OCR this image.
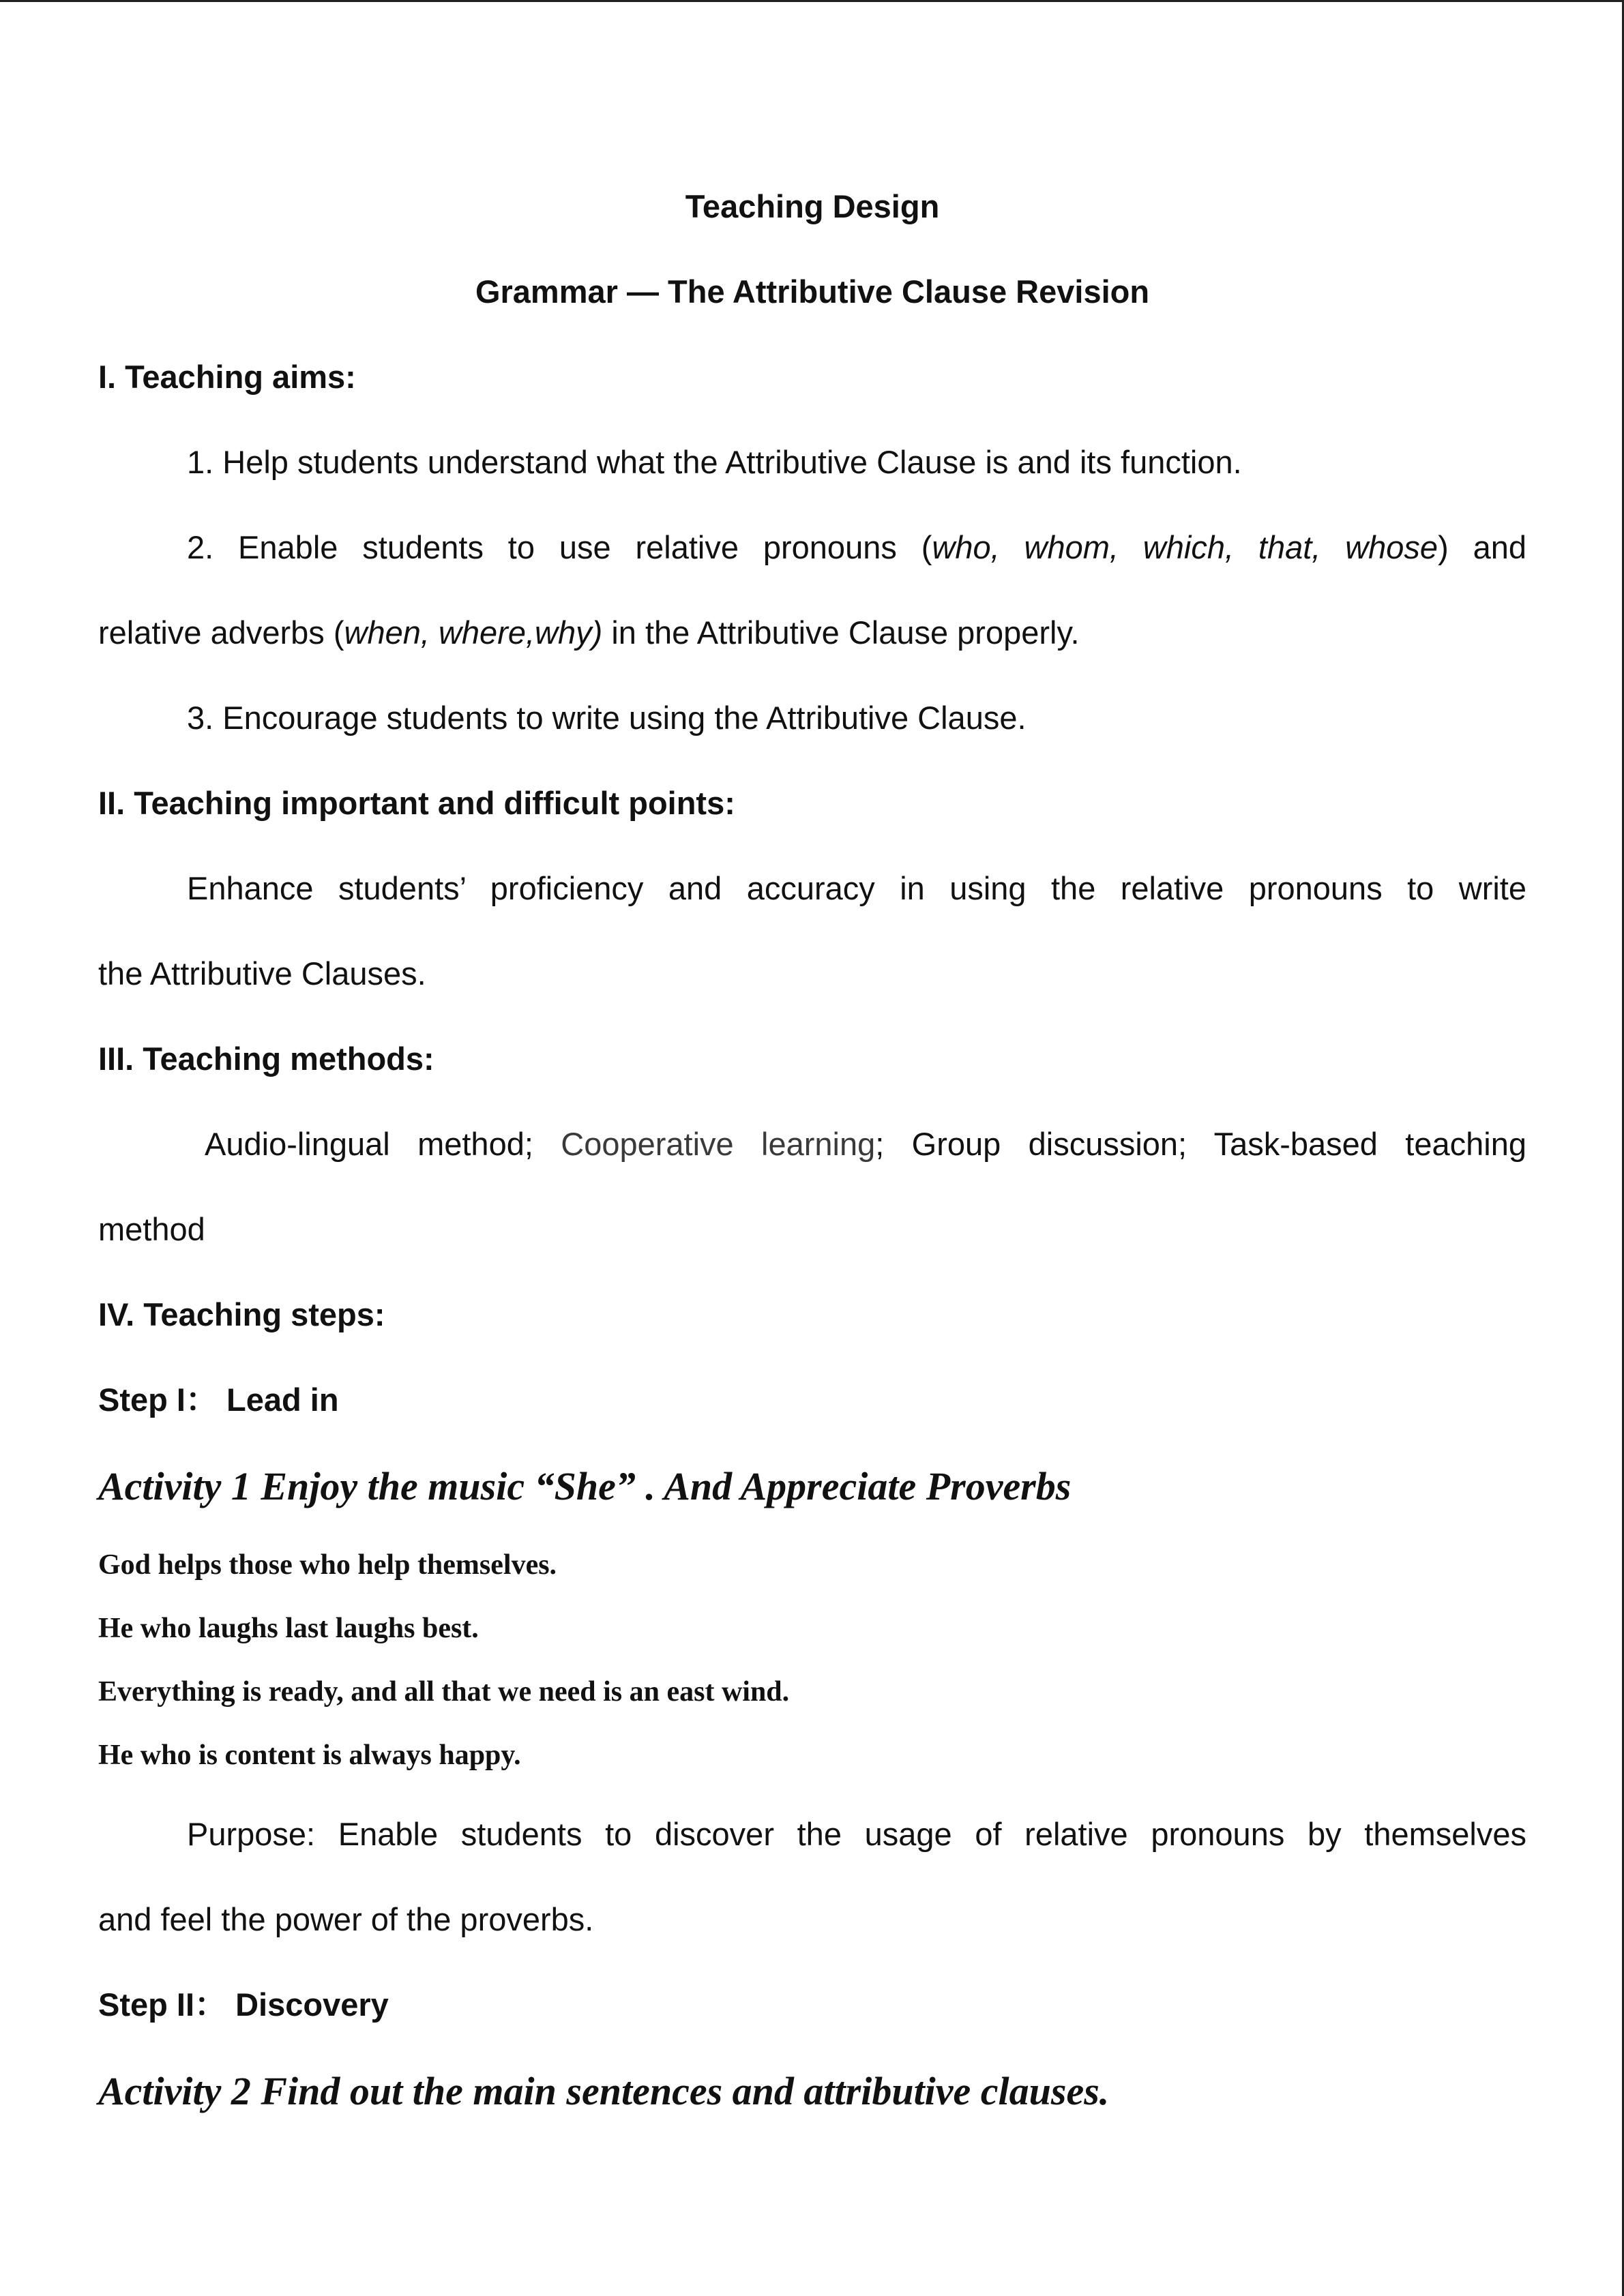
Teaching Design
Grammar — The Attributive Clause Revision
I. Teaching aims:
1. Help students understand what the Attributive Clause is and its function.
2. Enable students to use relative pronouns (who, whom, which, that, whose) and
relative adverbs (when, where,why) in the Attributive Clause properly.
3. Encourage students to write using the Attributive Clause.
II. Teaching important and difficult points:
Enhance students’ proficiency and accuracy in using the relative pronouns to write
the Attributive Clauses.
III. Teaching methods:
Audio-lingual method; Cooperative learning; Group discussion; Task-based teaching
method
IV. Teaching steps:
Step I： Lead in
Activity 1 Enjoy the music “She” . And Appreciate Proverbs
God helps those who help themselves.
He who laughs last laughs best.
Everything is ready, and all that we need is an east wind.
He who is content is always happy.
Purpose: Enable students to discover the usage of relative pronouns by themselves
and feel the power of the proverbs.
Step II： Discovery
Activity 2 Find out the main sentences and attributive clauses.
